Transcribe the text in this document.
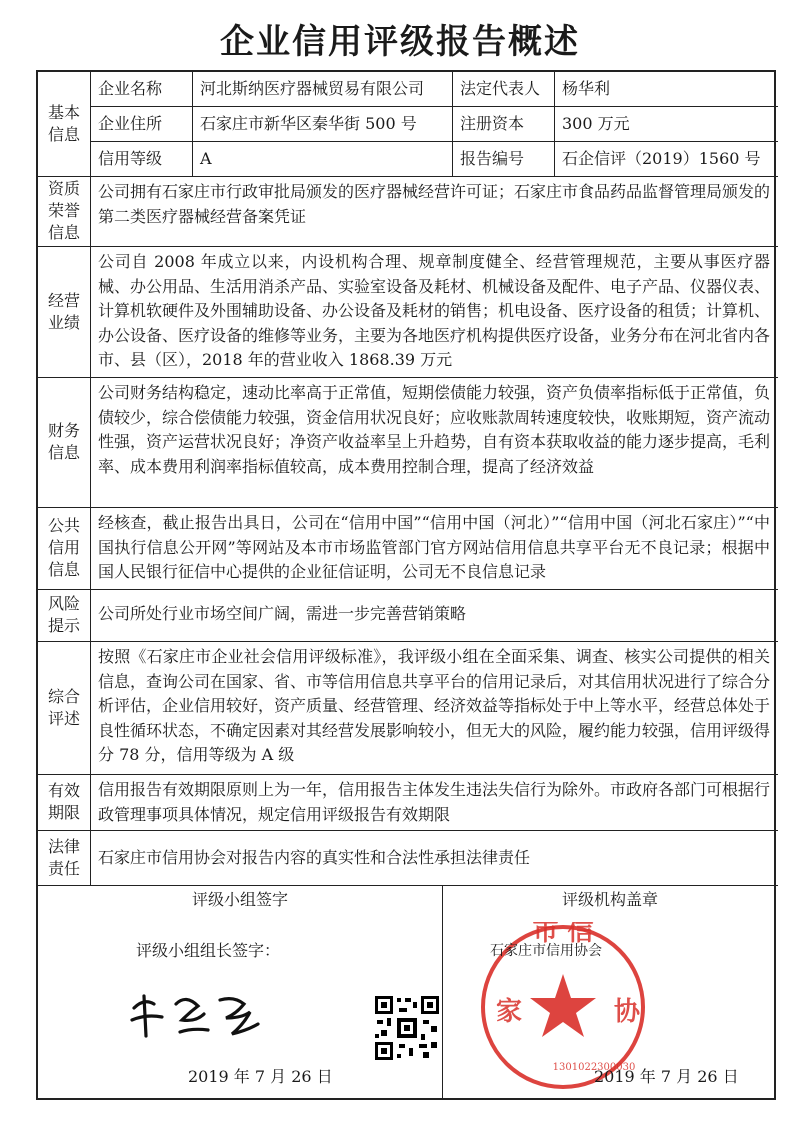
企业信用评级报告概述
基本信息
企业名称	河北斯纳医疗器械贸易有限公司	法定代表人	杨华利
企业住所	石家庄市新华区秦华街 500 号	注册资本	300 万元
信用等级	A	报告编号	石企信评（2019）1560 号
资质荣誉信息
公司拥有石家庄市行政审批局颁发的医疗器械经营许可证；石家庄市食品药品监督管理局颁发的第二类医疗器械经营备案凭证
经营业绩
公司自 2008 年成立以来，内设机构合理、规章制度健全、经营管理规范，主要从事医疗器械、办公用品、生活用消杀产品、实验室设备及耗材、机械设备及配件、电子产品、仪器仪表、计算机软硬件及外围辅助设备、办公设备及耗材的销售；机电设备、医疗设备的租赁；计算机、办公设备、医疗设备的维修等业务，主要为各地医疗机构提供医疗设备，业务分布在河北省内各市、县（区），2018 年的营业收入 1868.39 万元
财务信息
公司财务结构稳定，速动比率高于正常值，短期偿债能力较强，资产负债率指标低于正常值，负债较少，综合偿债能力较强，资金信用状况良好；应收账款周转速度较快，收账期短，资产流动性强，资产运营状况良好；净资产收益率呈上升趋势，自有资本获取收益的能力逐步提高，毛利率、成本费用利润率指标值较高，成本费用控制合理，提高了经济效益
公共信用信息
经核查，截止报告出具日，公司在“信用中国”“信用中国（河北）”“信用中国（河北石家庄）”“中国执行信息公开网”等网站及本市市场监管部门官方网站信用信息共享平台无不良记录；根据中国人民银行征信中心提供的企业征信证明，公司无不良信息记录
风险提示
公司所处行业市场空间广阔，需进一步完善营销策略
综合评述
按照《石家庄市企业社会信用评级标准》，我评级小组在全面采集、调查、核实公司提供的相关信息，查询公司在国家、省、市等信用信息共享平台的信用记录后，对其信用状况进行了综合分析评估，企业信用较好，资产质量、经营管理、经济效益等指标处于中上等水平，经营总体处于良性循环状态，不确定因素对其经营发展影响较小，但无大的风险，履约能力较强，信用评级得分 78 分，信用等级为 A 级
有效期限
信用报告有效期限原则上为一年，信用报告主体发生违法失信行为除外。市政府各部门可根据行政管理事项具体情况，规定信用评级报告有效期限
法律责任
石家庄市信用协会对报告内容的真实性和合法性承担法律责任
评级小组签字	评级机构盖章
评级小组组长签字：
2019 年 7 月 26 日
市 信
家	协
1301022300030
石家庄市信用协会
2019 年 7 月 26 日
